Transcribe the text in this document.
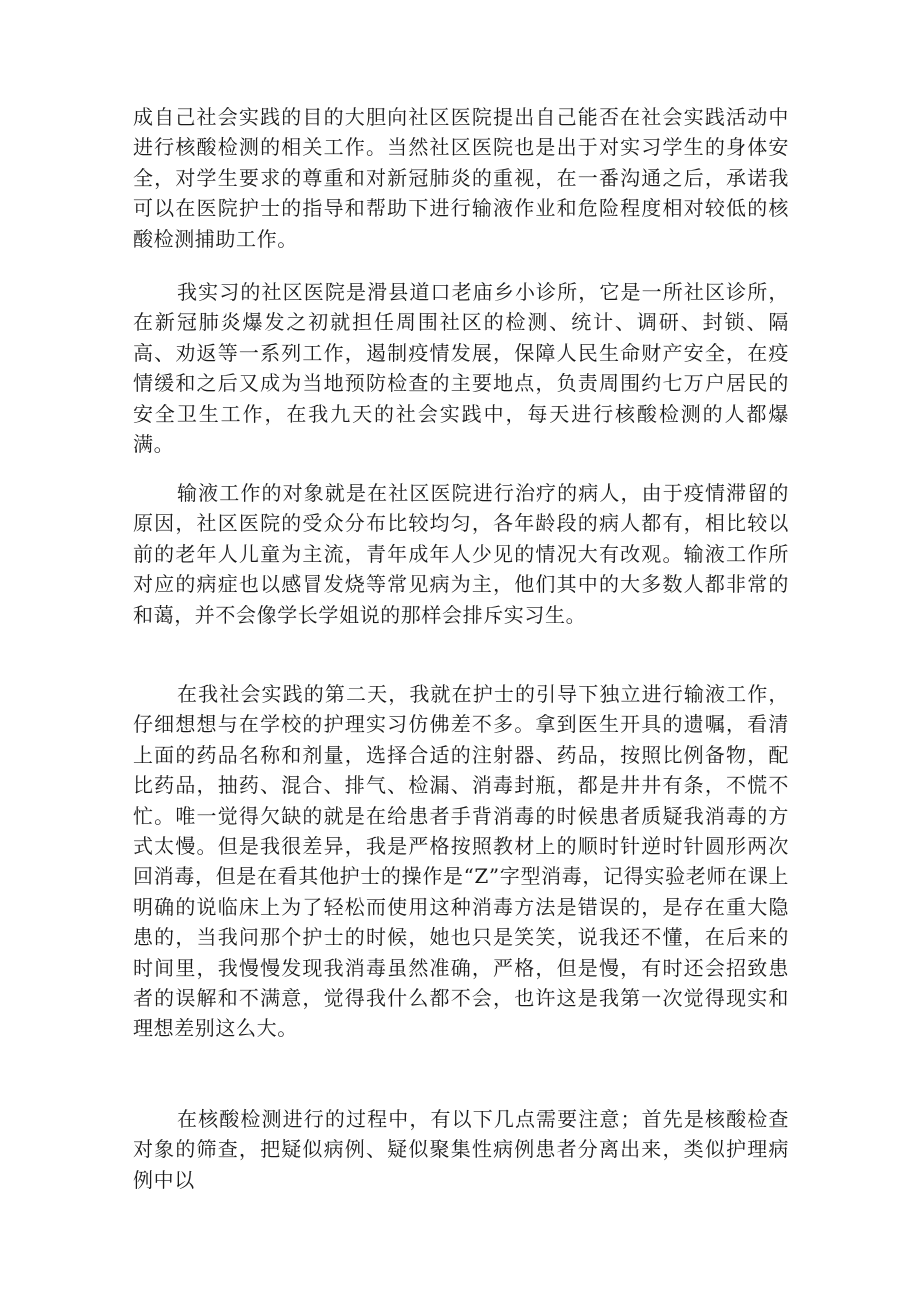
成自己社会实践的目的大胆向社区医院提出自己能否在社会实践活动中进行核酸检测的相关工作。当然社区医院也是出于对实习学生的身体安全，对学生要求的尊重和对新冠肺炎的重视，在一番沟通之后，承诺我可以在医院护士的指导和帮助下进行输液作业和危险程度相对较低的核酸检测捕助工作。

我实习的社区医院是滑县道口老庙乡小诊所，它是一所社区诊所，在新冠肺炎爆发之初就担任周围社区的检测、统计、调研、封锁、隔高、劝返等一系列工作，遏制疫情发展，保障人民生命财产安全，在疫情缓和之后又成为当地预防检查的主要地点，负责周围约七万户居民的安全卫生工作，在我九天的社会实践中，每天进行核酸检测的人都爆满。

输液工作的对象就是在社区医院进行治疗的病人，由于疫情滞留的原因，社区医院的受众分布比较均匀，各年龄段的病人都有，相比较以前的老年人儿童为主流，青年成年人少见的情况大有改观。输液工作所对应的病症也以感冒发烧等常见病为主，他们其中的大多数人都非常的和蔼，并不会像学长学姐说的那样会排斥实习生。

在我社会实践的第二天，我就在护士的引导下独立进行输液工作，仔细想想与在学校的护理实习仿佛差不多。拿到医生开具的遗嘱，看清上面的药品名称和剂量，选择合适的注射器、药品，按照比例备物，配比药品，抽药、混合、排气、检漏、消毒封瓶，都是井井有条，不慌不忙。唯一觉得欠缺的就是在给患者手背消毒的时候患者质疑我消毒的方式太慢。但是我很差异，我是严格按照教材上的顺时针逆时针圆形两次回消毒，但是在看其他护士的操作是“Z”字型消毒，记得实验老师在课上明确的说临床上为了轻松而使用这种消毒方法是错误的，是存在重大隐患的，当我问那个护士的时候，她也只是笑笑，说我还不懂，在后来的时间里，我慢慢发现我消毒虽然准确，严格，但是慢，有时还会招致患者的误解和不满意，觉得我什么都不会，也许这是我第一次觉得现实和理想差别这么大。

在核酸检测进行的过程中，有以下几点需要注意；首先是核酸检查对象的筛查，把疑似病例、疑似聚集性病例患者分离出来，类似护理病例中以
